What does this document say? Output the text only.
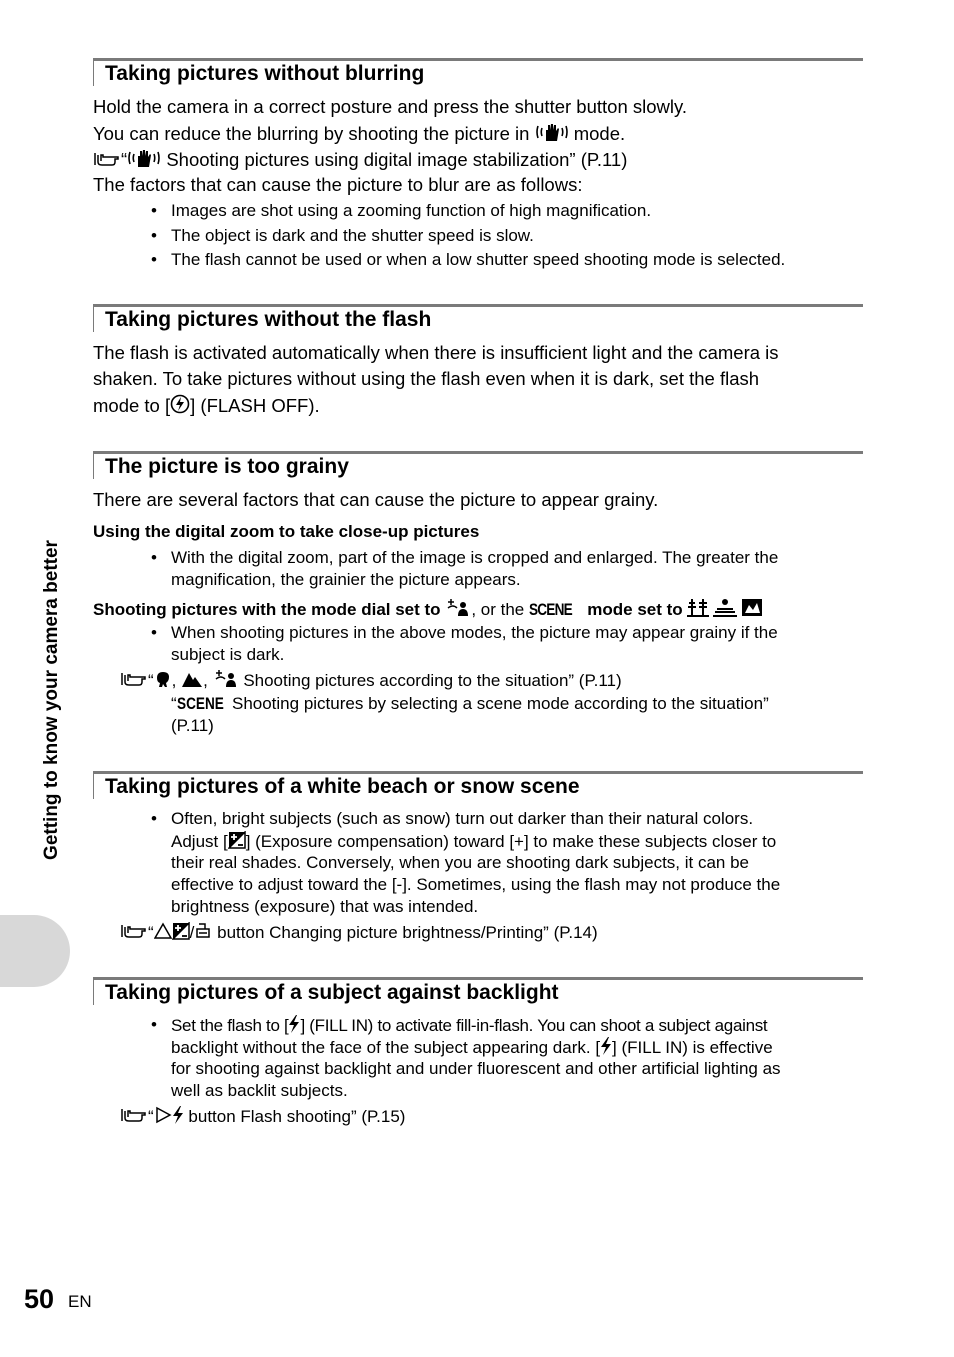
Getting to know your camera better
Taking pictures without blurring
Hold the camera in a correct posture and press the shutter button slowly.
You can reduce the blurring by shooting the picture in mode.
“ Shooting pictures using digital image stabilization” (P.11)
The factors that can cause the picture to blur are as follows:
• Images are shot using a zooming function of high magnification.
• The object is dark and the shutter speed is slow.
• The flash cannot be used or when a low shutter speed shooting mode is selected.
Taking pictures without the flash
The flash is activated automatically when there is insufficient light and the camera is
shaken. To take pictures without using the flash even when it is dark, set the flash
mode to [ ] (FLASH OFF).
The picture is too grainy
There are several factors that can cause the picture to appear grainy.
Using the digital zoom to take close-up pictures
• With the digital zoom, part of the image is cropped and enlarged. The greater the
magnification, the grainier the picture appears.
Shooting pictures with the mode dial set to , or the SCENE mode set to
• When shooting pictures in the above modes, the picture may appear grainy if the
subject is dark.
“ , ,  Shooting pictures according to the situation” (P.11)
“SCENE Shooting pictures by selecting a scene mode according to the situation”
(P.11)
Taking pictures of a white beach or snow scene
• Often, bright subjects (such as snow) turn out darker than their natural colors.
Adjust [ ] (Exposure compensation) toward [+] to make these subjects closer to
their real shades. Conversely, when you are shooting dark subjects, it can be
effective to adjust toward the [-]. Sometimes, using the flash may not produce the
brightness (exposure) that was intended.
“ / button Changing picture brightness/Printing” (P.14)
Taking pictures of a subject against backlight
• Set the flash to [ ] (FILL IN) to activate fill-in-flash. You can shoot a subject against
backlight without the face of the subject appearing dark. [ ] (FILL IN) is effective
for shooting against backlight and under fluorescent and other artificial lighting as
well as backlit subjects.
“ button Flash shooting” (P.15)
50 EN
